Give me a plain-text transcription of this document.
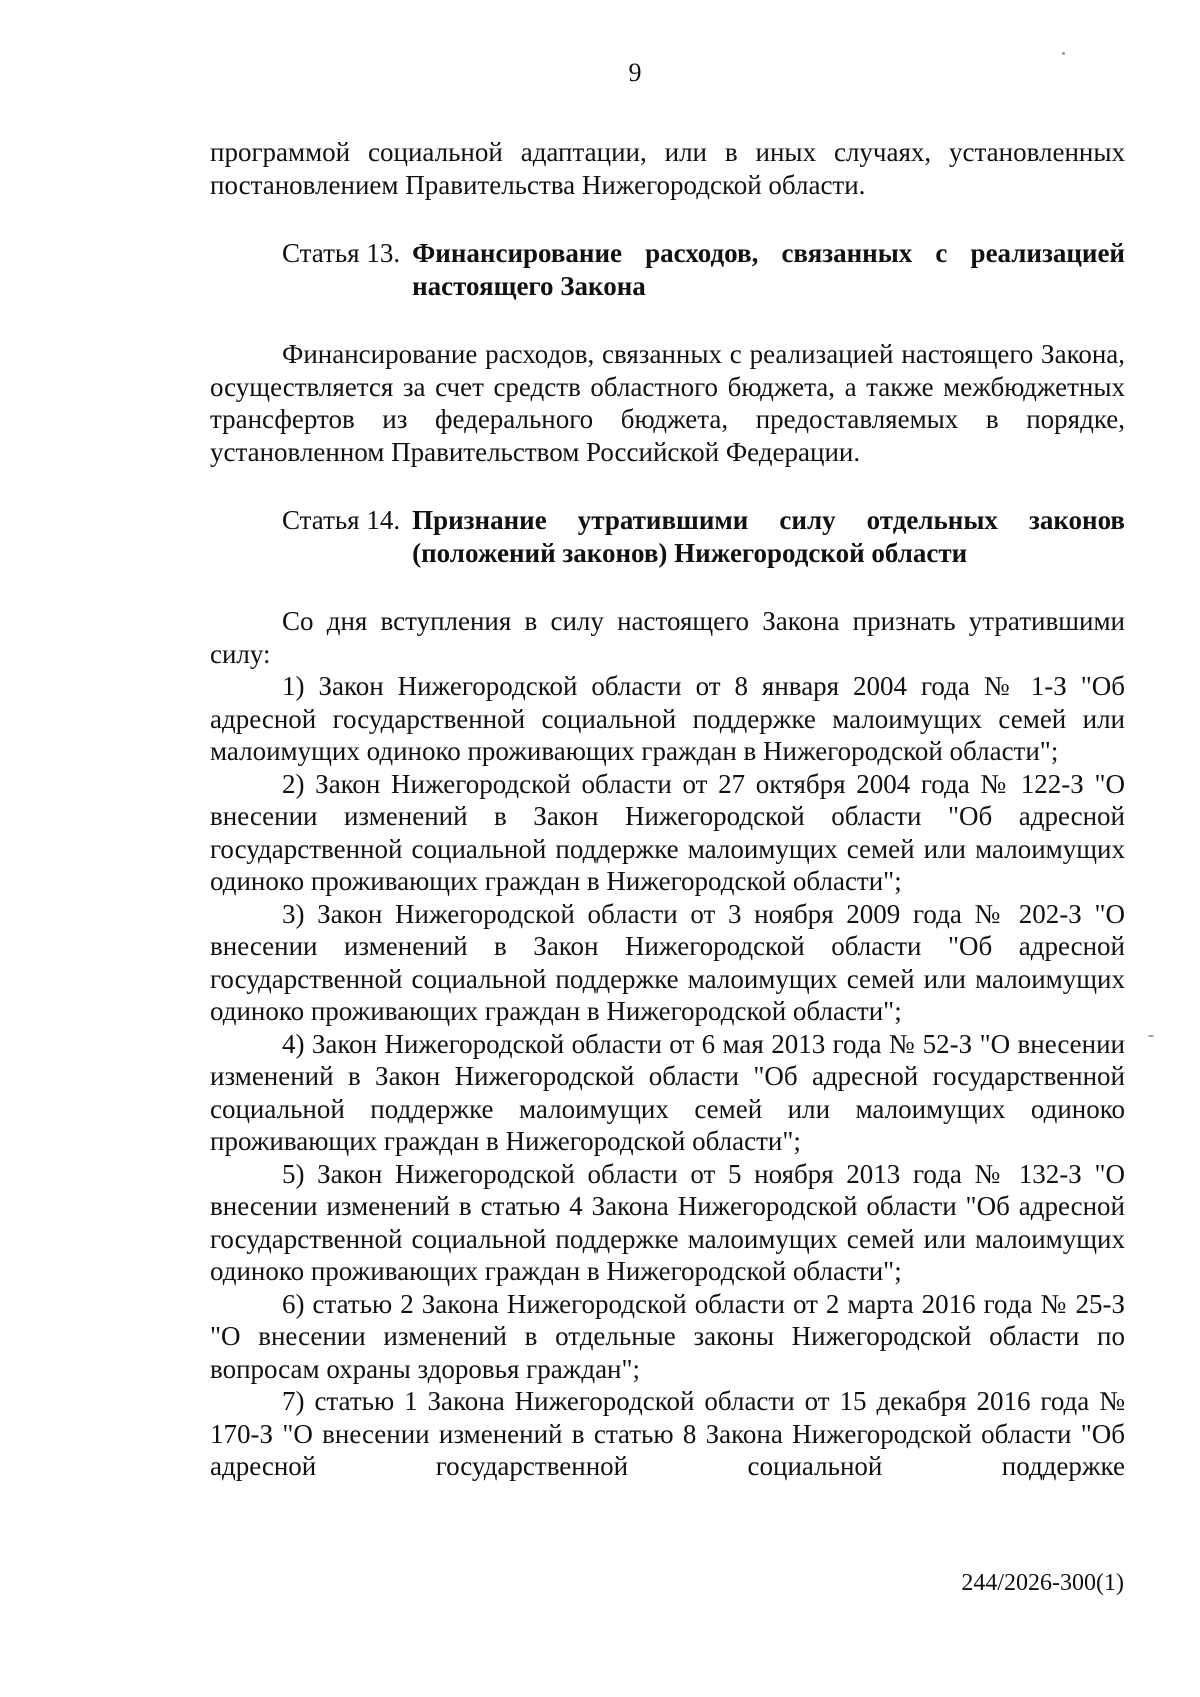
9

программой социальной адаптации, или в иных случаях, установленных постановлением Правительства Нижегородской области.

Статья 13. Финансирование расходов, связанных с реализацией настоящего Закона

Финансирование расходов, связанных с реализацией настоящего Закона, осуществляется за счет средств областного бюджета, а также межбюджетных трансфертов из федерального бюджета, предоставляемых в порядке, установленном Правительством Российской Федерации.

Статья 14. Признание утратившими силу отдельных законов (положений законов) Нижегородской области

Со дня вступления в силу настоящего Закона признать утратившими силу:

1) Закон Нижегородской области от 8 января 2004 года № 1-З "Об адресной государственной социальной поддержке малоимущих семей или малоимущих одиноко проживающих граждан в Нижегородской области";

2) Закон Нижегородской области от 27 октября 2004 года № 122-З "О внесении изменений в Закон Нижегородской области "Об адресной государственной социальной поддержке малоимущих семей или малоимущих одиноко проживающих граждан в Нижегородской области";

3) Закон Нижегородской области от 3 ноября 2009 года № 202-З "О внесении изменений в Закон Нижегородской области "Об адресной государственной социальной поддержке малоимущих семей или малоимущих одиноко проживающих граждан в Нижегородской области";

4) Закон Нижегородской области от 6 мая 2013 года № 52-З "О внесении изменений в Закон Нижегородской области "Об адресной государственной социальной поддержке малоимущих семей или малоимущих одиноко проживающих граждан в Нижегородской области";

5) Закон Нижегородской области от 5 ноября 2013 года № 132-З "О внесении изменений в статью 4 Закона Нижегородской области "Об адресной государственной социальной поддержке малоимущих семей или малоимущих одиноко проживающих граждан в Нижегородской области";

6) статью 2 Закона Нижегородской области от 2 марта 2016 года № 25-З "О внесении изменений в отдельные законы Нижегородской области по вопросам охраны здоровья граждан";

7) статью 1 Закона Нижегородской области от 15 декабря 2016 года № 170-З "О внесении изменений в статью 8 Закона Нижегородской области "Об адресной государственной социальной поддержке

244/2026-300(1)
